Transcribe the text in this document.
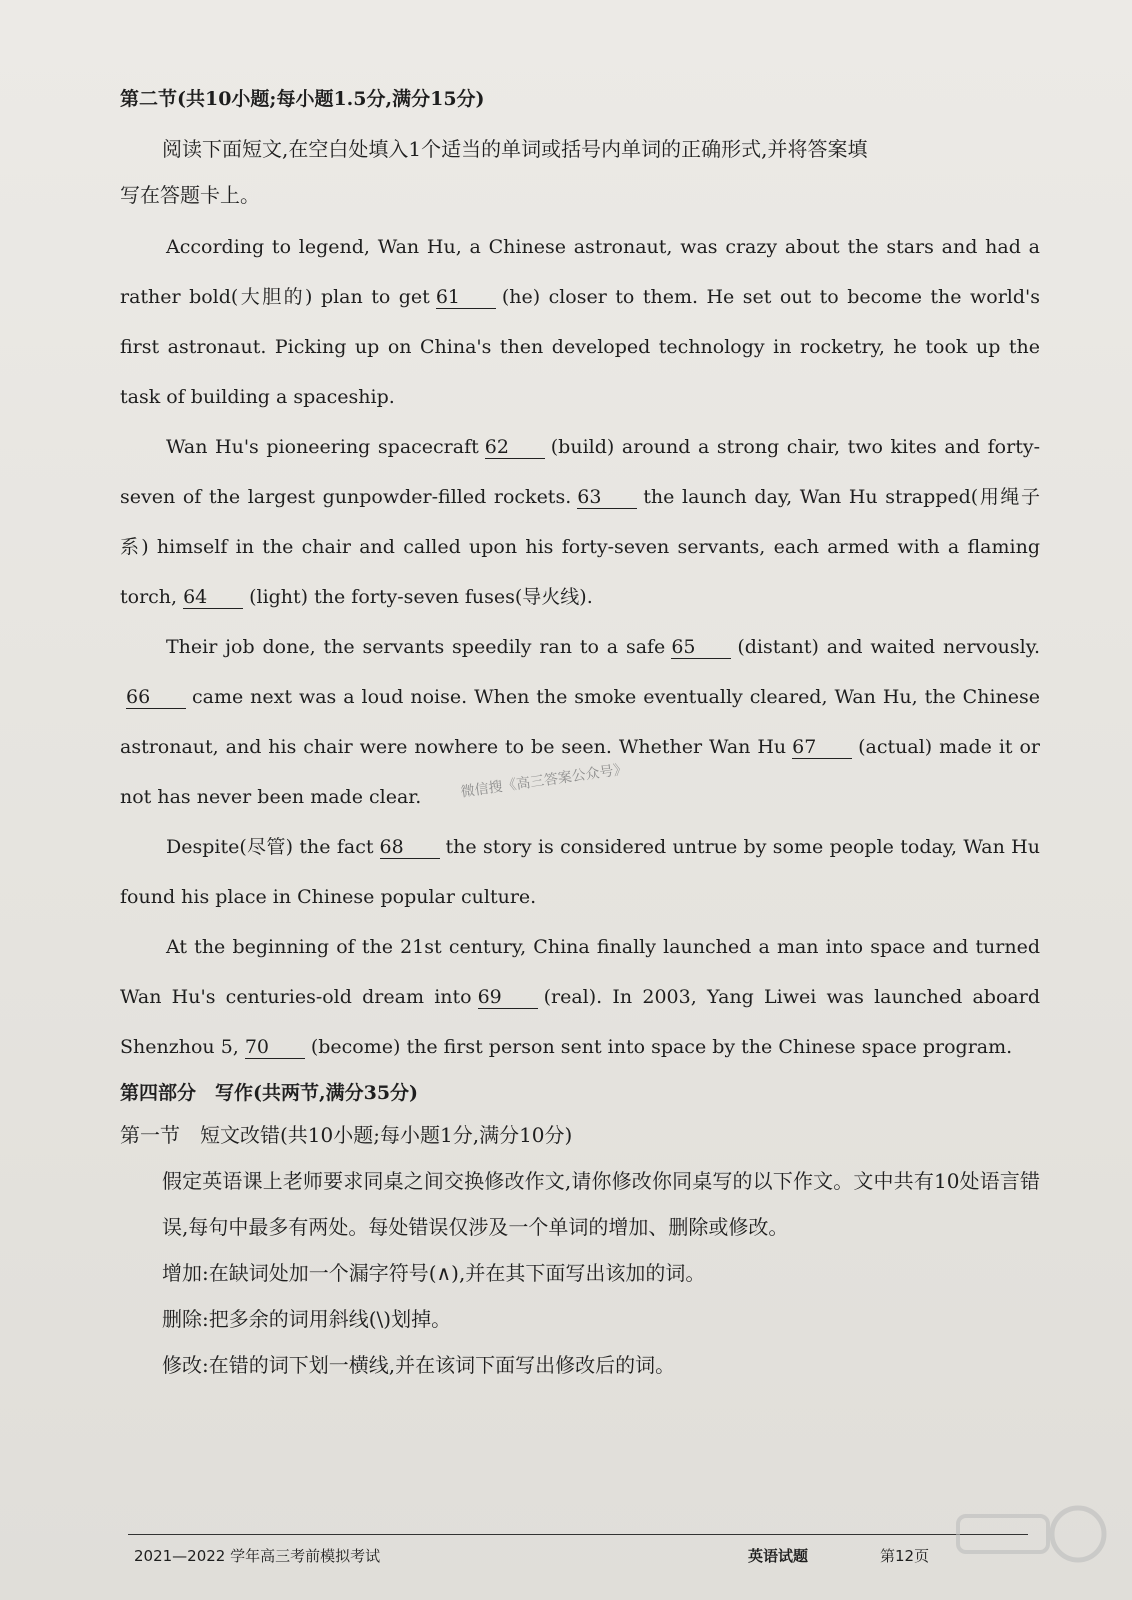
第二节(共10小题;每小题1.5分,满分15分)

阅读下面短文,在空白处填入1个适当的单词或括号内单词的正确形式,并将答案填

写在答题卡上。

According to legend, Wan Hu, a Chinese astronaut, was crazy about the stars and had a rather bold(大胆的) plan to get 61 (he) closer to them. He set out to become the world's first astronaut. Picking up on China's then developed technology in rocketry, he took up the task of building a spaceship.

Wan Hu's pioneering spacecraft 62 (build) around a strong chair, two kites and forty-seven of the largest gunpowder-filled rockets. 63 the launch day, Wan Hu strapped(用绳子系) himself in the chair and called upon his forty-seven servants, each armed with a flaming torch, 64 (light) the forty-seven fuses(导火线).

Their job done, the servants speedily ran to a safe 65 (distant) and waited nervously. 66 came next was a loud noise. When the smoke eventually cleared, Wan Hu, the Chinese astronaut, and his chair were nowhere to be seen. Whether Wan Hu 67 (actual) made it or not has never been made clear.

Despite(尽管) the fact 68 the story is considered untrue by some people today, Wan Hu found his place in Chinese popular culture.

At the beginning of the 21st century, China finally launched a man into space and turned Wan Hu's centuries-old dream into 69 (real). In 2003, Yang Liwei was launched aboard Shenzhou 5, 70 (become) the first person sent into space by the Chinese space program.

第四部分　写作(共两节,满分35分)

第一节　短文改错(共10小题;每小题1分,满分10分)

假定英语课上老师要求同桌之间交换修改作文,请你修改你同桌写的以下作文。文中共有10处语言错误,每句中最多有两处。每处错误仅涉及一个单词的增加、删除或修改。

增加:在缺词处加一个漏字符号(∧),并在其下面写出该加的词。

删除:把多余的词用斜线(\)划掉。

修改:在错的词下划一横线,并在该词下面写出修改后的词。

微信搜《高三答案公众号》
2021—2022 学年高三考前模拟考试	英语试题	第12页
